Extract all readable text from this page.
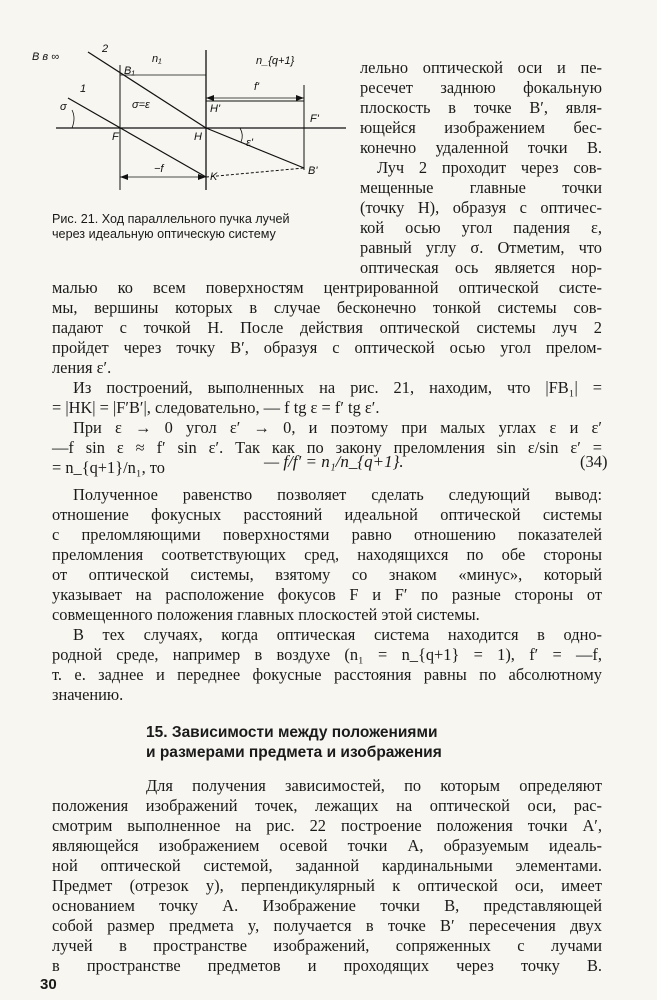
B в ∞	n₁	n_{q+1}
2
1
σ
B₁
σ=ε	H'
f'
F'
F	H	ε'
B'
−f
K
Рис. 21. Ход параллельного пучка лучей
через идеальную оптическую систему
лельно оптической оси и пе-
ресечет заднюю фокальную
плоскость в точке B′, явля-
ющейся изображением бес-
конечно удаленной точки B.
Луч 2 проходит через сов-
мещенные главные точки
(точку H), образуя с оптичес-
кой осью угол падения ε,
равный углу σ. Отметим, что
оптическая ось является нор-
малью ко всем поверхностям центрированной оптической систе-
мы, вершины которых в случае бесконечно тонкой системы сов-
падают с точкой H. После действия оптической системы луч 2
пройдет через точку B′, образуя с оптической осью угол прелом-
ления ε′.
Из построений, выполненных на рис. 21, находим, что |FB₁| =
= |HK| = |F′B′|, следовательно, — f tg ε = f′ tg ε′.
При ε → 0 угол ε′ → 0, и поэтому при малых углах ε и ε′
—f sin ε ≈ f′ sin ε′. Так как по закону преломления sin ε/sin ε′ =
= n_{q+1}/n₁, то	— f/f′ = n₁/n_{q+1}.	(34)
Полученное равенство позволяет сделать следующий вывод:
отношение фокусных расстояний идеальной оптической системы
с преломляющими поверхностями равно отношению показателей
преломления соответствующих сред, находящихся по обе стороны
от оптической системы, взятому со знаком «минус», который
указывает на расположение фокусов F и F′ по разные стороны от
совмещенного положения главных плоскостей этой системы.
В тех случаях, когда оптическая система находится в одно-
родной среде, например в воздухе (n₁ = n_{q+1} = 1), f′ = —f,
т. е. заднее и переднее фокусные расстояния равны по абсолютному
значению.
15. Зависимости между положениями
и размерами предмета и изображения
Для получения зависимостей, по которым определяют
положения изображений точек, лежащих на оптической оси, рас-
смотрим выполненное на рис. 22 построение положения точки A′,
являющейся изображением осевой точки A, образуемым идеаль-
ной оптической системой, заданной кардинальными элементами.
Предмет (отрезок y), перпендикулярный к оптической оси, имеет
основанием точку A. Изображение точки B, представляющей
собой размер предмета y, получается в точке B′ пересечения двух
лучей в пространстве изображений, сопряженных с лучами
в пространстве предметов и проходящих через точку B.
30
